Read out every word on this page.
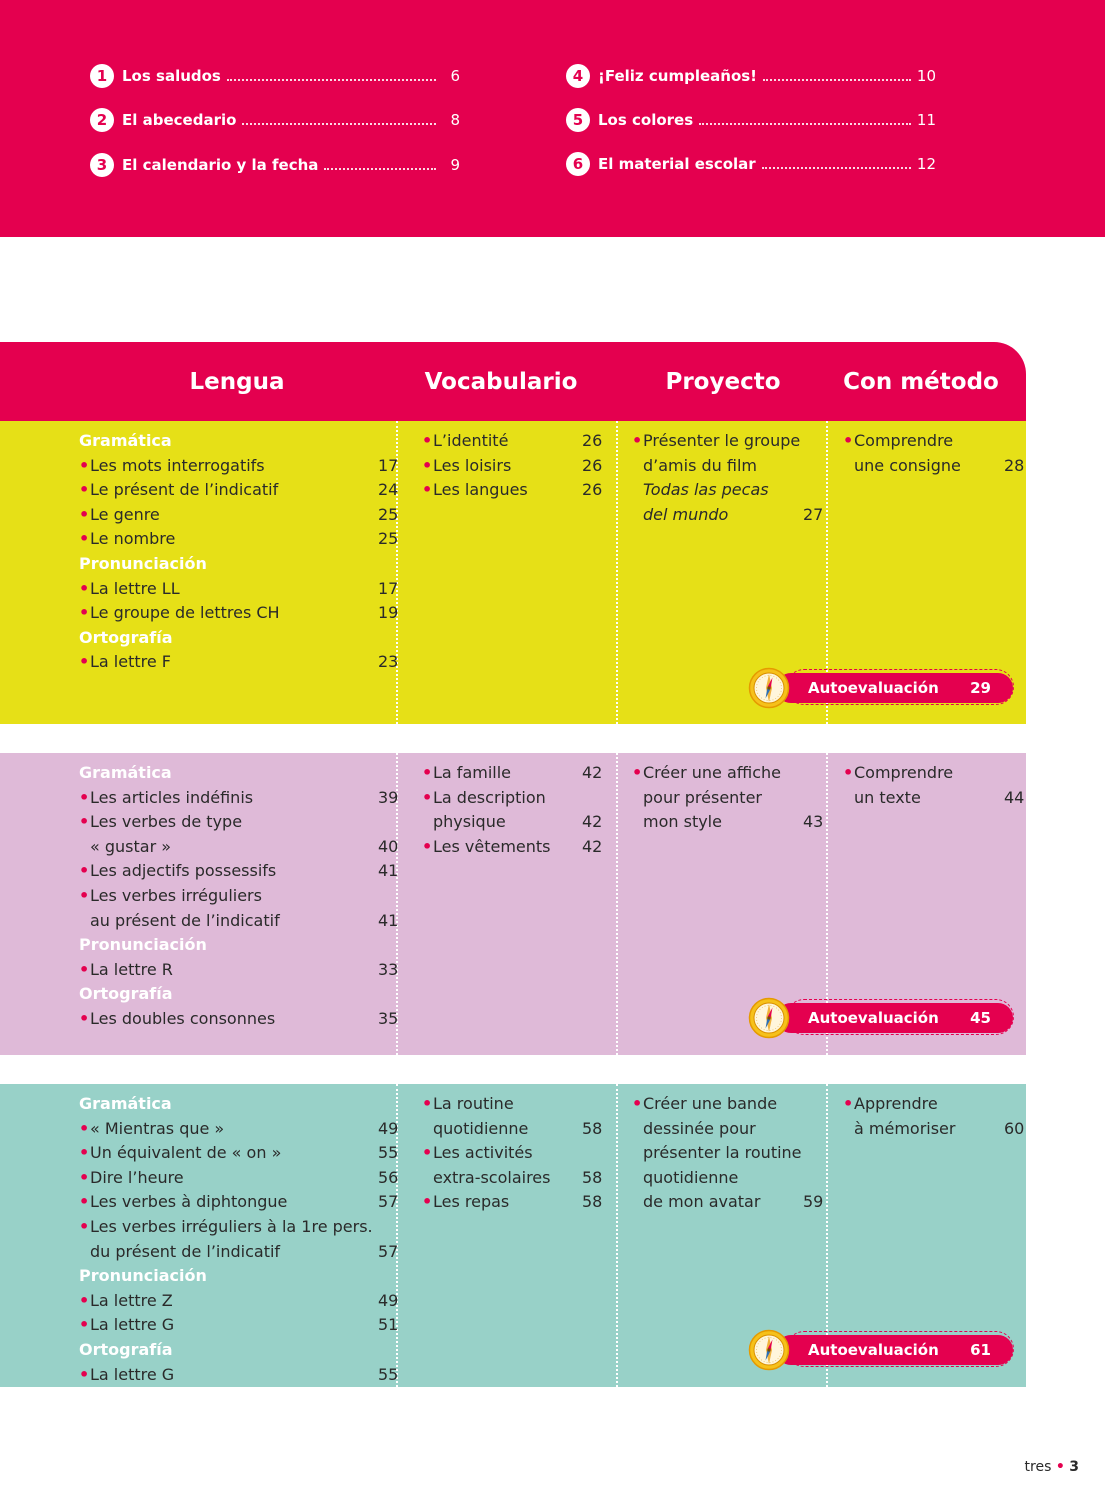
1 Los saludos	6
2 El abecedario	8
3 El calendario y la fecha	9
4 ¡Feliz cumpleaños!	10
5 Los colores	11
6 El material escolar	12
Lengua	Vocabulario	Proyecto	Con método
Gramática
• Les mots interrogatifs	17
• Le présent de l’indicatif	24
• Le genre	25
• Le nombre	25
Pronunciación
• La lettre LL	17
• Le groupe de lettres CH	19
Ortografía
• La lettre F	23
• L’identité	26
• Les loisirs	26
• Les langues	26
• Présenter le groupe
d’amis du film
Todas las pecas
del mundo	27
• Comprendre
une consigne	28
Autoevaluación 29
Gramática
• Les articles indéfinis	39
• Les verbes de type
« gustar »	40
• Les adjectifs possessifs	41
• Les verbes irréguliers
au présent de l’indicatif	41
Pronunciación
• La lettre R	33
Ortografía
• Les doubles consonnes	35
• La famille	42
• La description
physique	42
• Les vêtements 42
• Créer une affiche
pour présenter
mon style	43
• Comprendre
un texte	44
Autoevaluación 45
Gramática
• « Mientras que »	49
• Un équivalent de « on »	55
• Dire l’heure	56
• Les verbes à diphtongue	57
• Les verbes irréguliers à la 1re pers.
du présent de l’indicatif	57
Pronunciación
• La lettre Z	49
• La lettre G	51
Ortografía
• La lettre G	55
• La routine
quotidienne	58
• Les activités
extra-scolaires 58
• Les repas	58
• Créer une bande
dessinée pour
présenter la routine
quotidienne
de mon avatar	59
• Apprendre
à mémoriser	60
Autoevaluación 61
tres • 3
